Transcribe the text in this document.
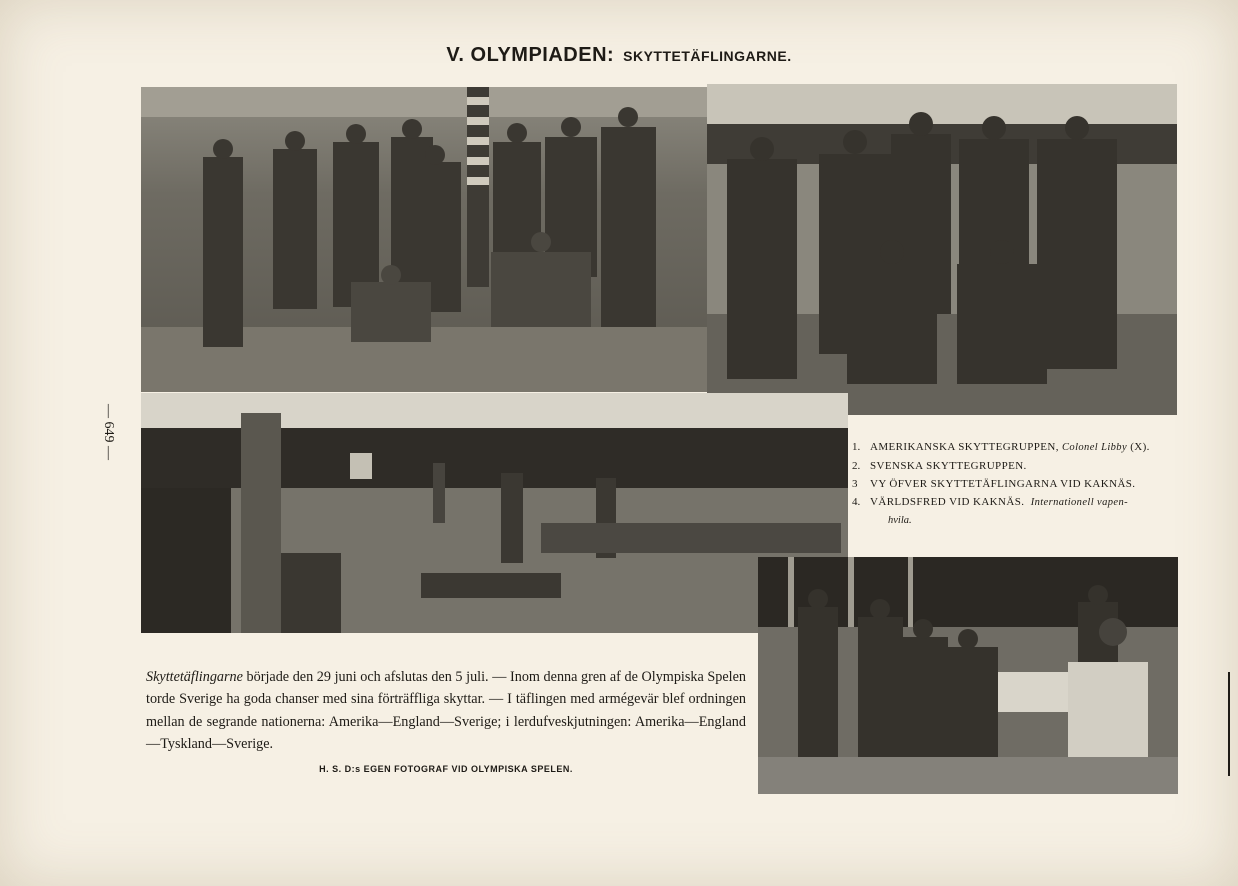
V. OLYMPIADEN: SKYTTETÄFLINGARNE.
— 649 —	1. AMERIKANSKA SKYTTEGRUPPEN, Colonel Libby (X).
2. SVENSKA SKYTTEGRUPPEN.
3	VY ÖFVER SKYTTETÄFLINGARNA VID KAKNÄS.
4. VÄRLDSFRED VID KAKNÄS. Internationell vapen-
hvila.
Skyttetäflingarne började den 29 juni och afslutas den 5 juli. — Inom denna gren af de Olympiska Spelen torde Sverige ha goda chanser med sina förträffliga skyttar. — I täflingen med armégevär blef ordningen mellan de segrande nationerna: Amerika—England—Sverige; i lerdufveskjutningen: Amerika—England—Tyskland—Sverige.
H. S. D:s EGEN FOTOGRAF VID OLYMPISKA SPELEN.
